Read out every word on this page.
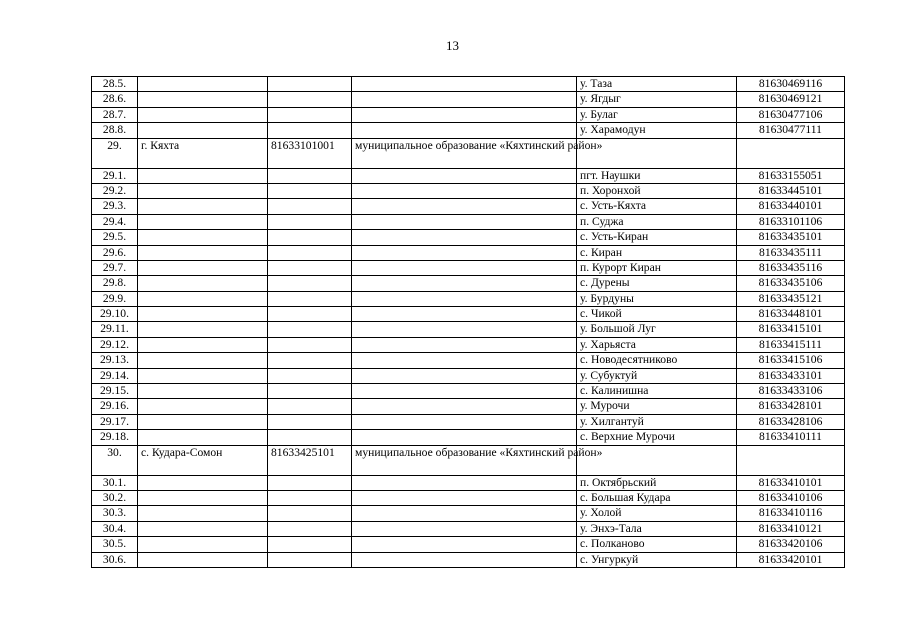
13
28.5.				у. Таза	81630469116
28.6.				у. Ягдыг	81630469121
28.7.				у. Булаг	81630477106
28.8.				у. Харамодун	81630477111
29.	г. Кяхта	81633101001	муниципальное образование «Кяхтинский район»		
29.1.				пгт. Наушки	81633155051
29.2.				п. Хоронхой	81633445101
29.3.				с. Усть-Кяхта	81633440101
29.4.				п. Суджа	81633101106
29.5.				с. Усть-Киран	81633435101
29.6.				с. Киран	81633435111
29.7.				п. Курорт Киран	81633435116
29.8.				с. Дурены	81633435106
29.9.				у. Бурдуны	81633435121
29.10.				с. Чикой	81633448101
29.11.				у. Большой Луг	81633415101
29.12.				у. Харьяста	81633415111
29.13.				с. Новодесятниково	81633415106
29.14.				у. Субуктуй	81633433101
29.15.				с. Калинишна	81633433106
29.16.				у. Мурочи	81633428101
29.17.				у. Хилгантуй	81633428106
29.18.				с. Верхние Мурочи	81633410111
30.	с. Кудара-Сомон	81633425101	муниципальное образование «Кяхтинский район»		
30.1.				п. Октябрьский	81633410101
30.2.				с. Большая Кудара	81633410106
30.3.				у. Холой	81633410116
30.4.				у. Энхэ-Тала	81633410121
30.5.				с. Полканово	81633420106
30.6.				с. Унгуркуй	81633420101
